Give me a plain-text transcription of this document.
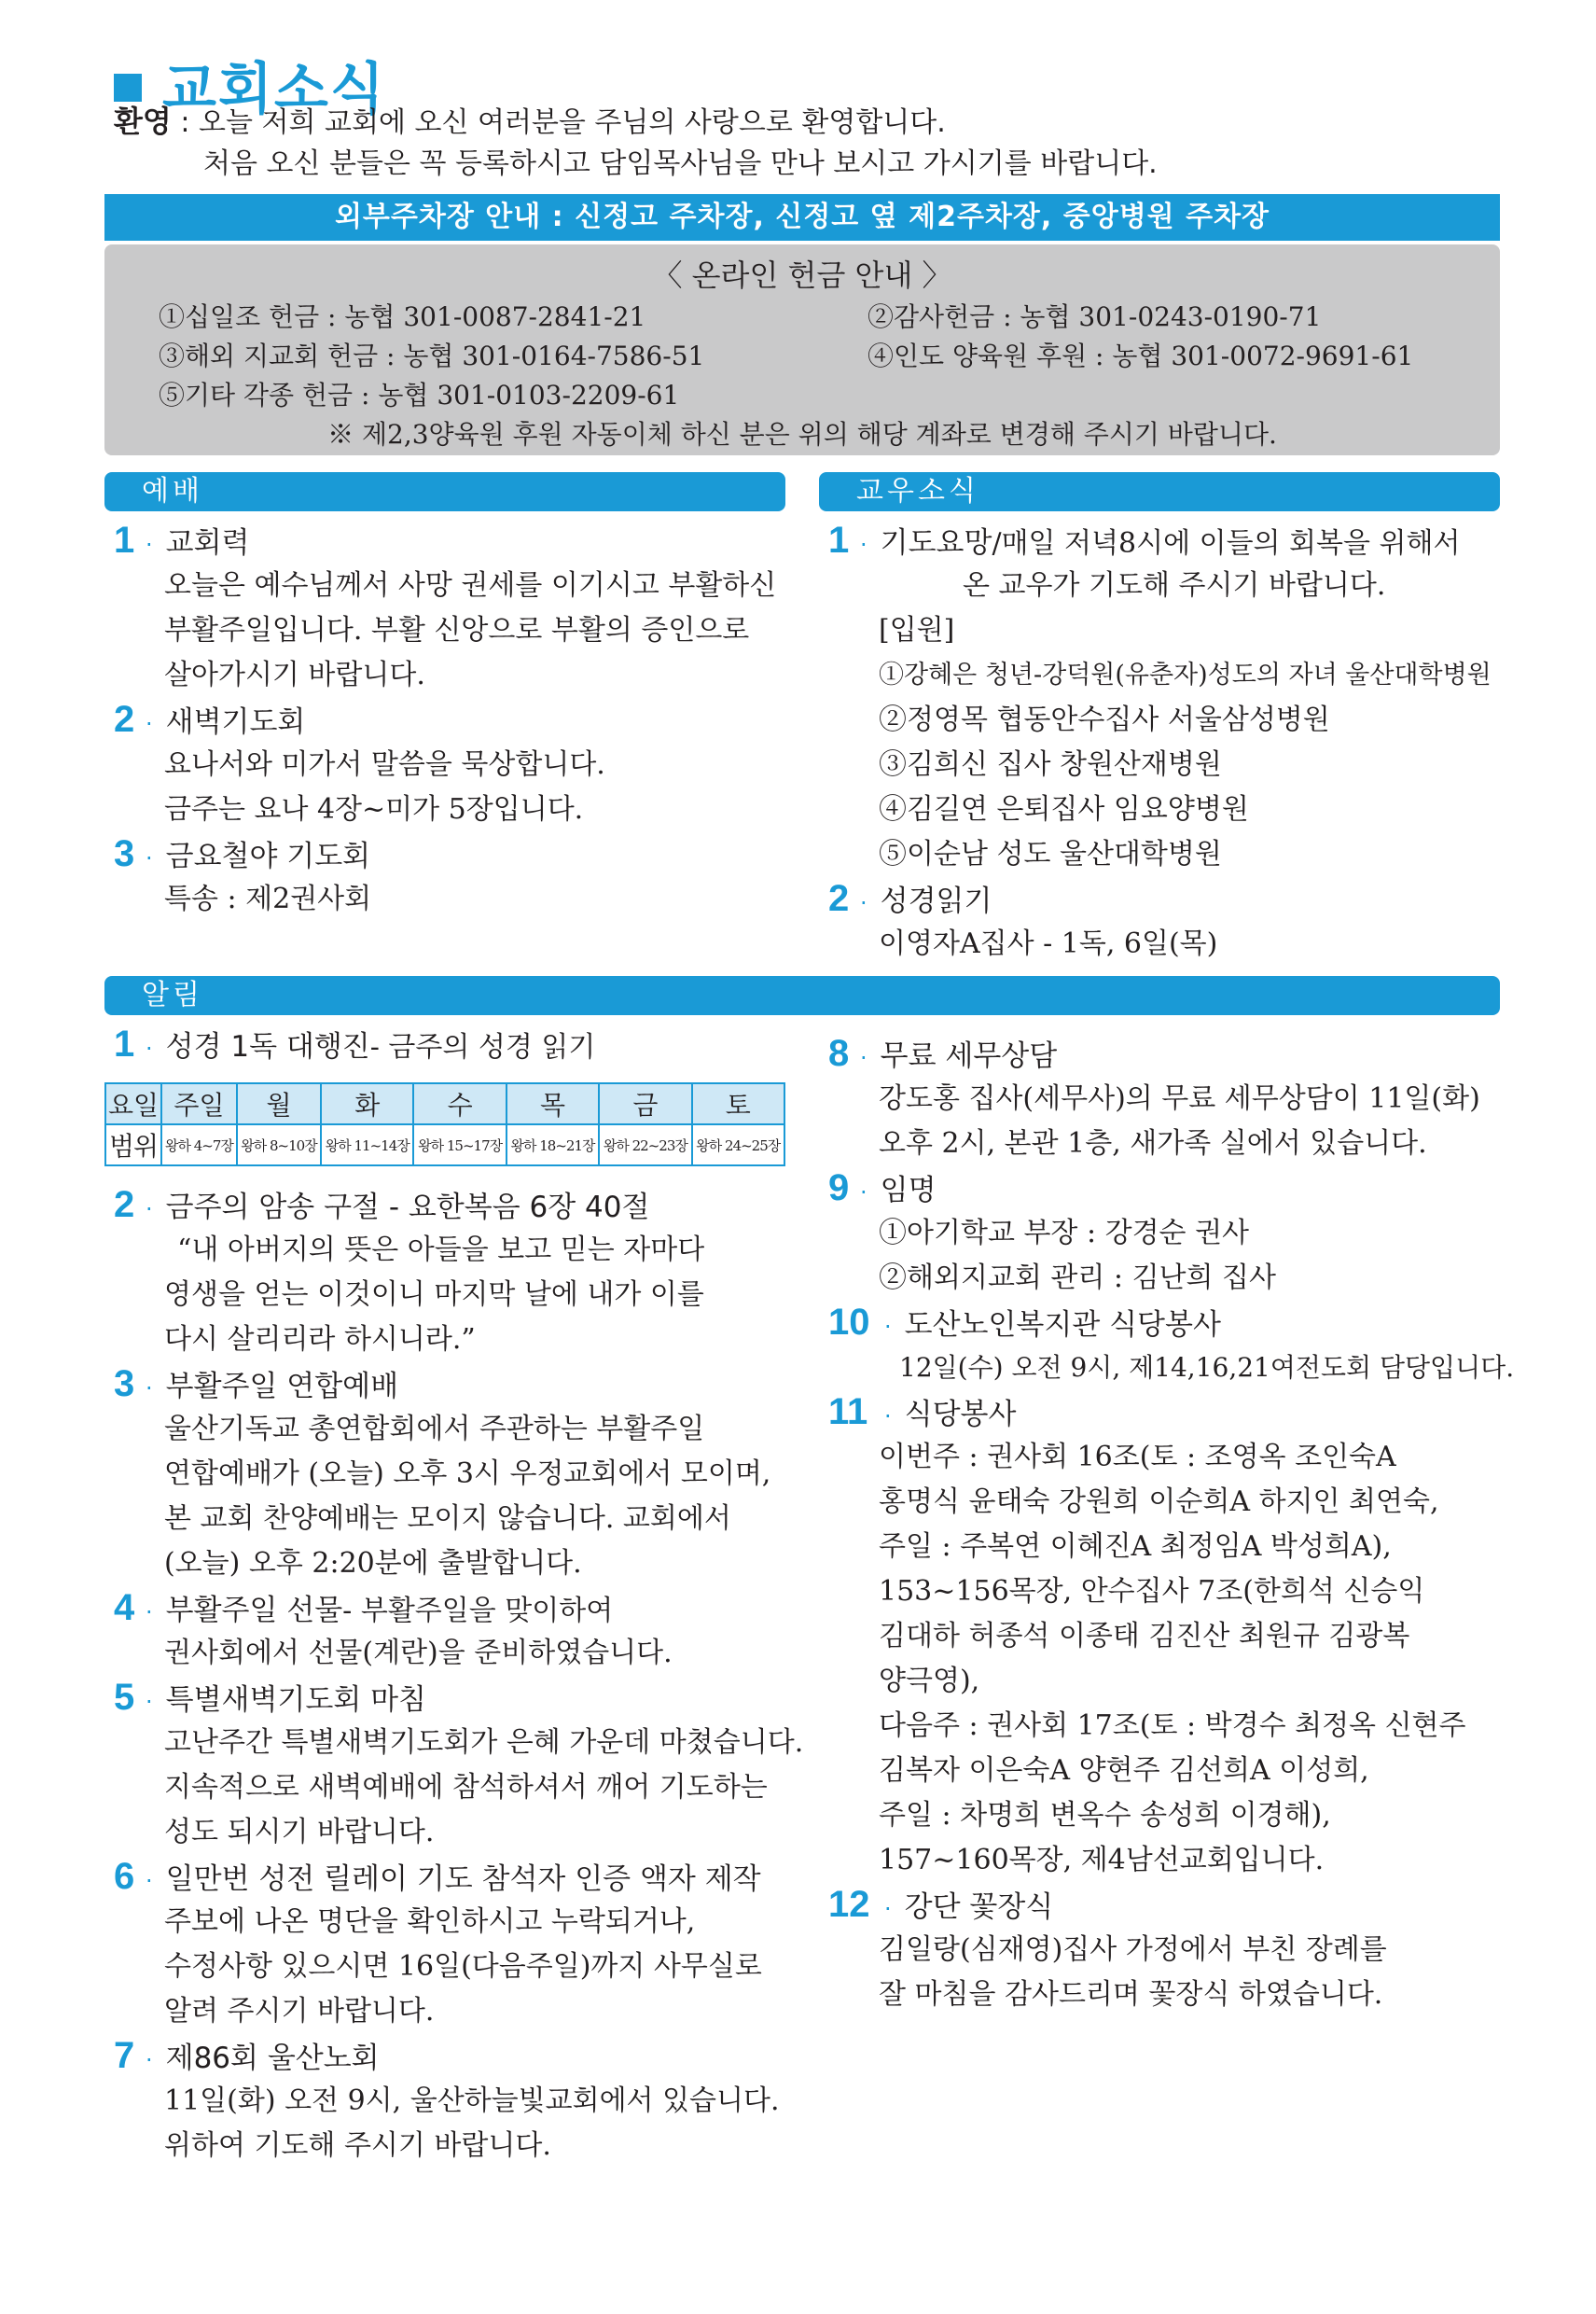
교회소식
환영 : 오늘 저희 교회에 오신 여러분을 주님의 사랑으로 환영합니다.
처음 오신 분들은 꼭 등록하시고 담임목사님을 만나 보시고 가시기를 바랍니다.
외부주차장 안내 : 신정고 주차장, 신정고 옆 제2주차장, 중앙병원 주차장
〈 온라인 헌금 안내 〉
①십일조 헌금 : 농협 301-0087-2841-21	②감사헌금 : 농협 301-0243-0190-71
③해외 지교회 헌금 : 농협 301-0164-7586-51	④인도 양육원 후원 : 농협 301-0072-9691-61
⑤기타 각종 헌금 : 농협 301-0103-2209-61
※ 제2,3양육원 후원 자동이체 하신 분은 위의 해당 계좌로 변경해 주시기 바랍니다.
예배	교우소식
알림
1 · 교회력
오늘은 예수님께서 사망 권세를 이기시고 부활하신
부활주일입니다. 부활 신앙으로 부활의 증인으로
살아가시기 바랍니다.
2 · 새벽기도회
요나서와 미가서 말씀을 묵상합니다.
금주는 요나 4장~미가 5장입니다.
3 · 금요철야 기도회
특송 : 제2권사회
1 · 기도요망 /매일 저녁8시에 이들의 회복을 위해서
온 교우가 기도해 주시기 바랍니다.
[입원]
①강혜은 청년-강덕원(유춘자)성도의 자녀 울산대학병원
②정영목 협동안수집사 서울삼성병원
③김희신 집사 창원산재병원
④김길연 은퇴집사 임요양병원
⑤이순남 성도 울산대학병원
2 · 성경읽기
이영자A집사 - 1독, 6일(목)
1 · 성경 1독 대행진 - 금주의 성경 읽기
요일	주일	월	화	수	목	금	토
범위	왕하 4~7장	왕하 8~10장	왕하 11~14장	왕하 15~17장	왕하 18~21장	왕하 22~23장	왕하 24~25장
2 · 금주의 암송 구절 - 요한복음 6장 40절
“내 아버지의 뜻은 아들을 보고 믿는 자마다
영생을 얻는 이것이니 마지막 날에 내가 이를
다시 살리리라 하시니라.”
3 · 부활주일 연합예배
울산기독교 총연합회에서 주관하는 부활주일
연합예배가 (오늘) 오후 3시 우정교회에서 모이며,
본 교회 찬양예배는 모이지 않습니다. 교회에서
(오늘) 오후 2:20분에 출발합니다.
4 · 부활주일 선물 - 부활주일을 맞이하여
권사회에서 선물(계란)을 준비하였습니다.
5 · 특별새벽기도회 마침
고난주간 특별새벽기도회가 은혜 가운데 마쳤습니다.
지속적으로 새벽예배에 참석하셔서 깨어 기도하는
성도 되시기 바랍니다.
6 · 일만번 성전 릴레이 기도 참석자 인증 액자 제작
주보에 나온 명단을 확인하시고 누락되거나,
수정사항 있으시면 16일(다음주일)까지 사무실로
알려 주시기 바랍니다.
7 · 제86회 울산노회
11일(화) 오전 9시, 울산하늘빛교회에서 있습니다.
위하여 기도해 주시기 바랍니다.
8 · 무료 세무상담
강도홍 집사(세무사)의 무료 세무상담이 11일(화)
오후 2시, 본관 1층, 새가족 실에서 있습니다.
9 · 임명
①아기학교 부장 : 강경순 권사
②해외지교회 관리 : 김난희 집사
10 · 도산노인복지관 식당봉사
12일(수) 오전 9시, 제14,16,21여전도회 담당입니다.
11 · 식당봉사
이번주 : 권사회 16조(토 : 조영옥 조인숙A
홍명식 윤태숙 강원희 이순희A 하지인 최연숙,
주일 : 주복연 이혜진A 최정임A 박성희A),
153~156목장, 안수집사 7조(한희석 신승익
김대하 허종석 이종태 김진산 최원규 김광복
양극영),
다음주 : 권사회 17조(토 : 박경수 최정옥 신현주
김복자 이은숙A 양현주 김선희A 이성희,
주일 : 차명희 변옥수 송성희 이경해),
157~160목장, 제4남선교회입니다.
12 · 강단 꽃장식
김일랑(심재영)집사 가정에서 부친 장례를
잘 마침을 감사드리며 꽃장식 하였습니다.
